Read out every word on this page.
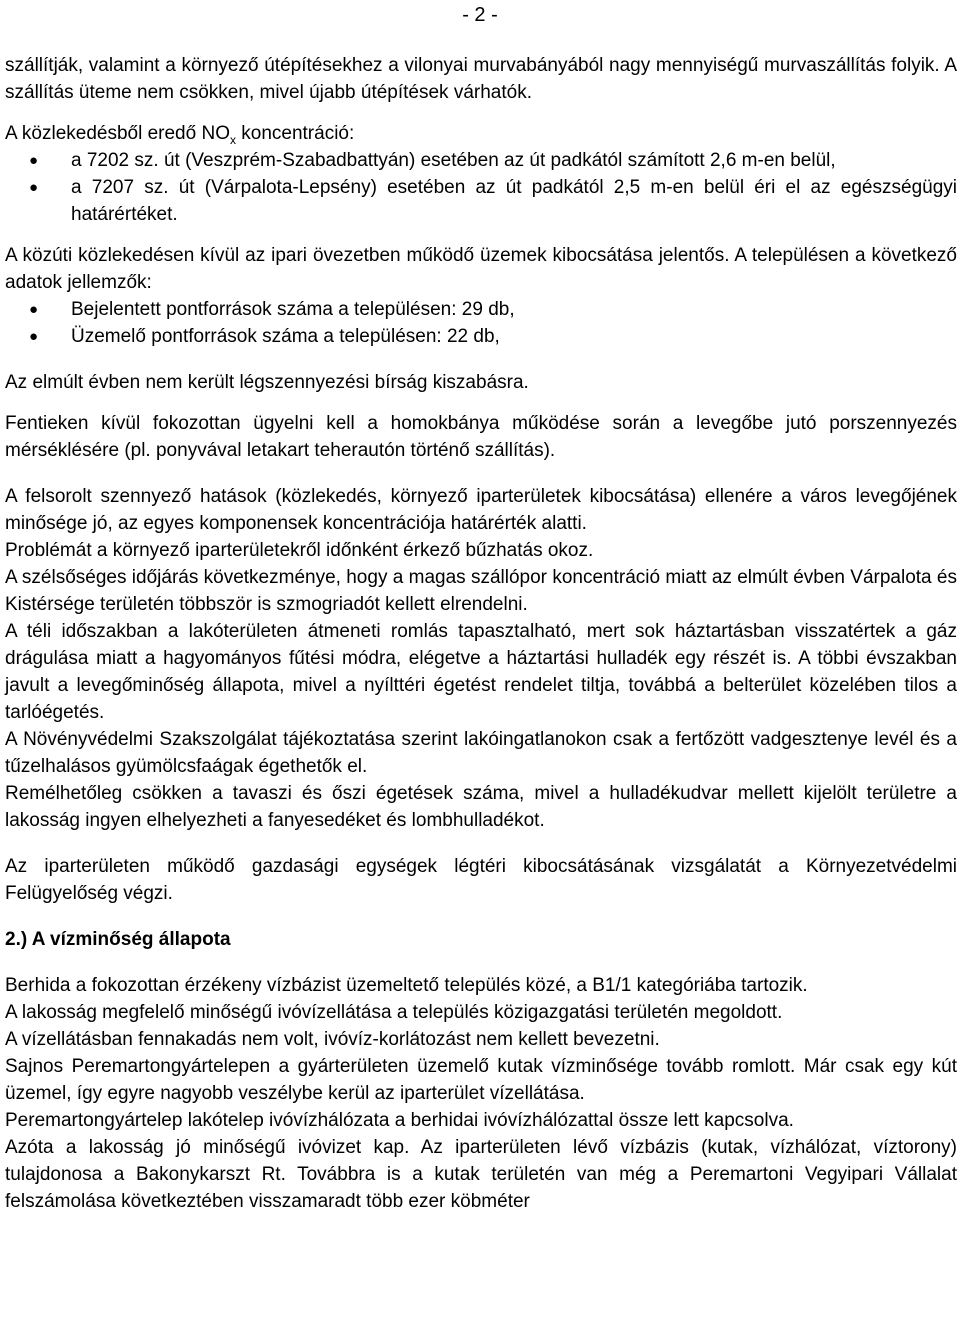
- 2 -

szállítják, valamint a környező útépítésekhez a vilonyai murvabányából nagy mennyiségű murvaszállítás folyik. A szállítás üteme nem csökken, mivel újabb útépítések várhatók.

A közlekedésből eredő $NO_x$ koncentráció:

● a 7202 sz. út (Veszprém-Szabadbattyán) esetében az út padkától számított 2,6 m-en belül,
● a 7207 sz. út (Várpalota-Lepsény) esetében az út padkától 2,5 m-en belül éri el az egészségügyi határértéket.

A közúti közlekedésen kívül az ipari övezetben működő üzemek kibocsátása jelentős. A településen a következő adatok jellemzők:

● Bejelentett pontforrások száma a településen: 29 db,
● Üzemelő pontforrások száma a településen: 22 db,

Az elmúlt évben nem került légszennyezési bírság kiszabásra.

Fentieken kívül fokozottan ügyelni kell a homokbánya működése során a levegőbe jutó porszennyezés mérséklésére (pl. ponyvával letakart teherautón történő szállítás).

A felsorolt szennyező hatások (közlekedés, környező iparterületek kibocsátása) ellenére a város levegőjének minősége jó, az egyes komponensek koncentrációja határérték alatti.

Problémát a környező iparterületekről időnként érkező bűzhatás okoz.

A szélsőséges időjárás következménye, hogy a magas szállópor koncentráció miatt az elmúlt évben Várpalota és Kistérsége területén többször is szmogriadót kellett elrendelni.

A téli időszakban a lakóterületen átmeneti romlás tapasztalható, mert sok háztartásban visszatértek a gáz drágulása miatt a hagyományos fűtési módra, elégetve a háztartási hulladék egy részét is. A többi évszakban javult a levegőminőség állapota, mivel a nyílttéri égetést rendelet tiltja, továbbá a belterület közelében tilos a tarlóégetés.

A Növényvédelmi Szakszolgálat tájékoztatása szerint lakóingatlanokon csak a fertőzött vadgesztenye levél és a tűzelhalásos gyümölcsfaágak égethetők el.

Remélhetőleg csökken a tavaszi és őszi égetések száma, mivel a hulladékudvar mellett kijelölt területre a lakosság ingyen elhelyezheti a fanyesedéket és lombhulladékot.

Az iparterületen működő gazdasági egységek légtéri kibocsátásának vizsgálatát a Környezetvédelmi Felügyelőség végzi.

2.) A vízminőség állapota

Berhida a fokozottan érzékeny vízbázist üzemeltető település közé, a B1/1 kategóriába tartozik.

A lakosság megfelelő minőségű ivóvízellátása a település közigazgatási területén megoldott.

A vízellátásban fennakadás nem volt, ivóvíz-korlátozást nem kellett bevezetni.

Sajnos Peremartongyártelepen a gyárterületen üzemelő kutak vízminősége tovább romlott. Már csak egy kút üzemel, így egyre nagyobb veszélybe kerül az iparterület vízellátása.

Peremartongyártelep lakótelep ivóvízhálózata a berhidai ivóvízhálózattal össze lett kapcsolva.

Azóta a lakosság jó minőségű ivóvizet kap. Az iparterületen lévő vízbázis (kutak, vízhálózat, víztorony) tulajdonosa a Bakonykarszt Rt. Továbbra is a kutak területén van még a Peremartoni Vegyipari Vállalat felszámolása következtében visszamaradt több ezer köbméter
